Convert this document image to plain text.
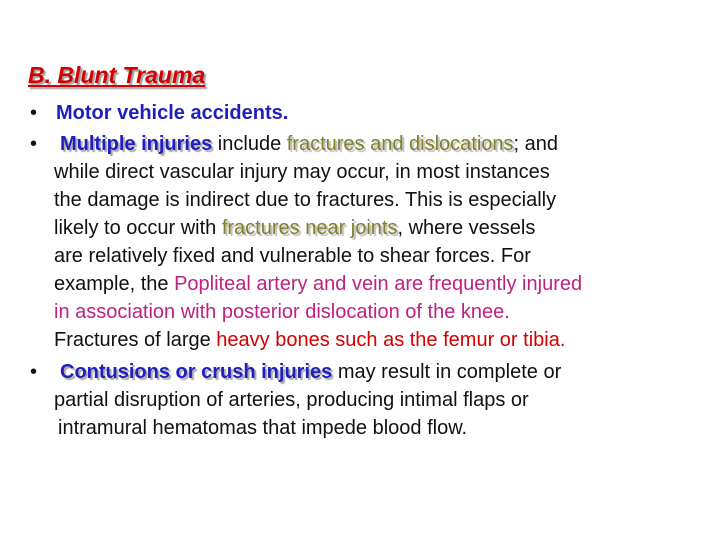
B. Blunt Trauma
• Motor vehicle accidents.
• Multiple injuries include fractures and dislocations; and
while direct vascular injury may occur, in most instances
the damage is indirect due to fractures. This is especially
likely to occur with fractures near joints, where vessels
are relatively fixed and vulnerable to shear forces. For
example, the Popliteal artery and vein are frequently injured
in association with posterior dislocation of the knee.
Fractures of large heavy bones such as the femur or tibia.
• Contusions or crush injuries may result in complete or
partial disruption of arteries, producing intimal flaps or
intramural hematomas that impede blood flow.
